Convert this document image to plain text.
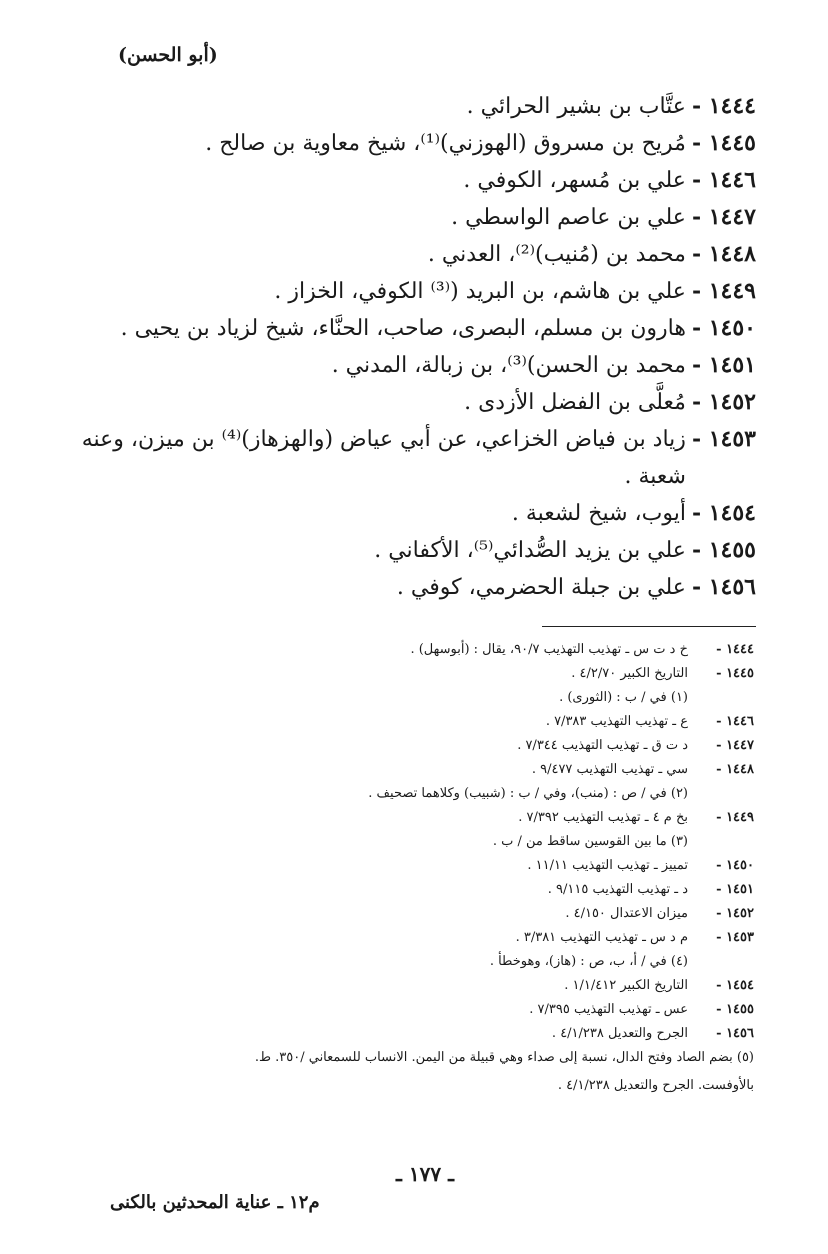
(أبو الحسن)
١٤٤٤ -
عتَّاب بن بشير الحرائي .
١٤٤٥ -
مُريح بن مسروق (الهوزني)⁽¹⁾، شيخ معاوية بن صالح .
١٤٤٦ -
علي بن مُسهر، الكوفي .
١٤٤٧ -
علي بن عاصم الواسطي .
١٤٤٨ -
محمد بن (مُنيب)⁽²⁾، العدني .
١٤٤٩ -
علي بن هاشم، بن البريد (⁽³⁾ الكوفي، الخزاز .
١٤٥٠ -
هارون بن مسلم، البصرى، صاحب، الحنَّاء، شيخ لزياد بن يحيى .
١٤٥١ -
محمد بن الحسن)⁽³⁾، بن زبالة، المدني .
١٤٥٢ -
مُعلَّى بن الفضل الأزدى .
١٤٥٣ -
زياد بن فياض الخزاعي، عن أبي عياض (والهزهاز)⁽⁴⁾ بن ميزن، وعنه شعبة .
١٤٥٤ -
أيوب، شيخ لشعبة .
١٤٥٥ -
علي بن يزيد الصُّدائي⁽⁵⁾، الأكفاني .
١٤٥٦ -
علي بن جبلة الحضرمي، كوفي .
١٤٤٤ -
خ د ت س ـ تهذيب التهذيب ٩٠/٧، يقال : (أبوسهل) .
١٤٤٥ -
التاريخ الكبير ٤/٢/٧٠ .
(١) في / ب : (الثورى) .
١٤٤٦ -
ع ـ تهذيب التهذيب ٧/٣٨٣ .
١٤٤٧ -
د ت ق ـ تهذيب التهذيب ٧/٣٤٤ .
١٤٤٨ -
سي ـ تهذيب التهذيب ٩/٤٧٧ .
(٢) في / ص : (منب)، وفي / ب : (شبيب) وكلاهما تصحيف .
١٤٤٩ -
بخ م ٤ ـ تهذيب التهذيب ٧/٣٩٢ .
(٣) ما بين القوسين ساقط من / ب .
١٤٥٠ -
تمييز ـ تهذيب التهذيب ١١/١١ .
١٤٥١ -
د ـ تهذيب التهذيب ٩/١١٥ .
١٤٥٢ -
ميزان الاعتدال ٤/١٥٠ .
١٤٥٣ -
م د س ـ تهذيب التهذيب ٣/٣٨١ .
(٤) في / أ، ب، ص : (هاز)، وهوخطأ .
١٤٥٤ -
التاريخ الكبير ١/١/٤١٢ .
١٤٥٥ -
عس ـ تهذيب التهذيب ٧/٣٩٥ .
١٤٥٦ -
الجرح والتعديل ٤/١/٢٣٨ .
(٥) بضم الصاد وفتح الدال، نسبة إلى صداء وهي قبيلة من اليمن. الانساب للسمعاني /٣٥٠. ط.
بالأوفست. الجرح والتعديل ٤/١/٢٣٨ .
ـ ١٧٧ ـ
م١٢ ـ عناية المحدثين بالكنى
